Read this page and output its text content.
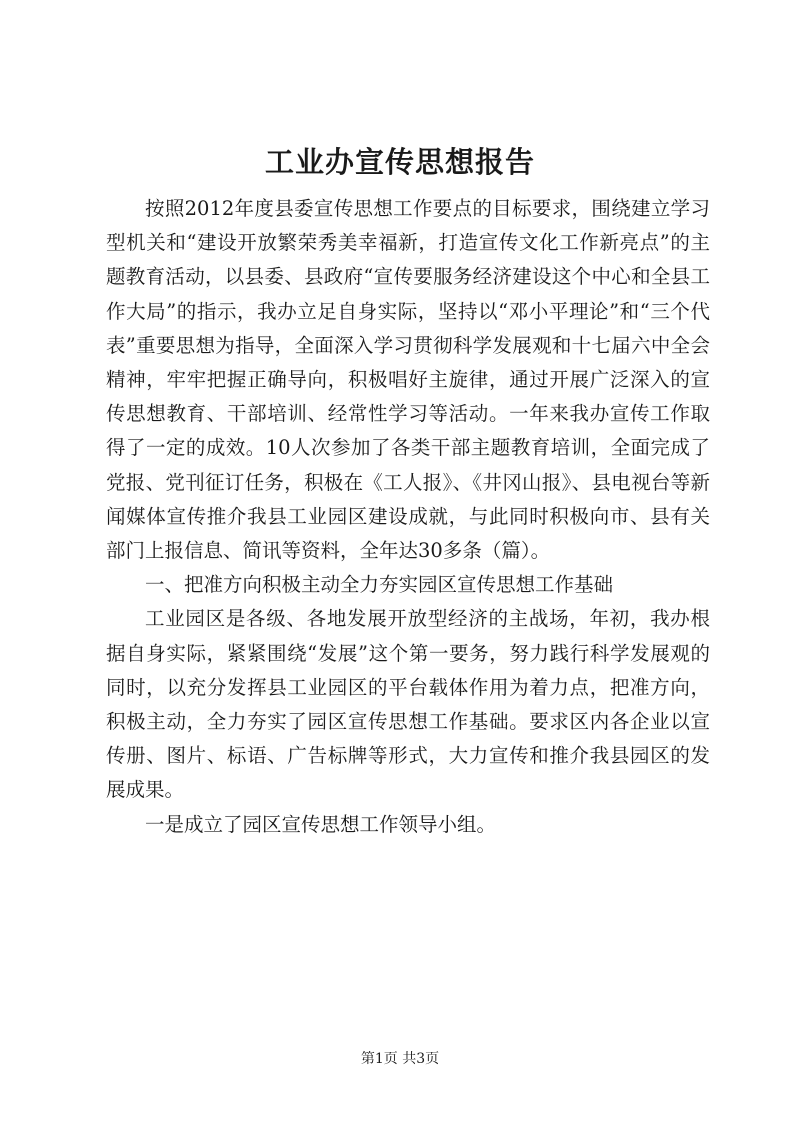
工业办宣传思想报告

按照2012年度县委宣传思想工作要点的目标要求，围绕建立学习型机关和“建设开放繁荣秀美幸福新，打造宣传文化工作新亮点”的主题教育活动，以县委、县政府“宣传要服务经济建设这个中心和全县工作大局”的指示，我办立足自身实际，坚持以“邓小平理论”和“三个代表”重要思想为指导，全面深入学习贯彻科学发展观和十七届六中全会精神，牢牢把握正确导向，积极唱好主旋律，通过开展广泛深入的宣传思想教育、干部培训、经常性学习等活动。一年来我办宣传工作取得了一定的成效。10人次参加了各类干部主题教育培训，全面完成了党报、党刊征订任务，积极在《工人报》、《井冈山报》、县电视台等新闻媒体宣传推介我县工业园区建设成就，与此同时积极向市、县有关部门上报信息、简讯等资料，全年达30多条（篇）。

一、把准方向积极主动全力夯实园区宣传思想工作基础

工业园区是各级、各地发展开放型经济的主战场，年初，我办根据自身实际，紧紧围绕“发展”这个第一要务，努力践行科学发展观的同时，以充分发挥县工业园区的平台载体作用为着力点，把准方向，积极主动，全力夯实了园区宣传思想工作基础。要求区内各企业以宣传册、图片、标语、广告标牌等形式，大力宣传和推介我县园区的发展成果。

一是成立了园区宣传思想工作领导小组。

第1页 共3页
